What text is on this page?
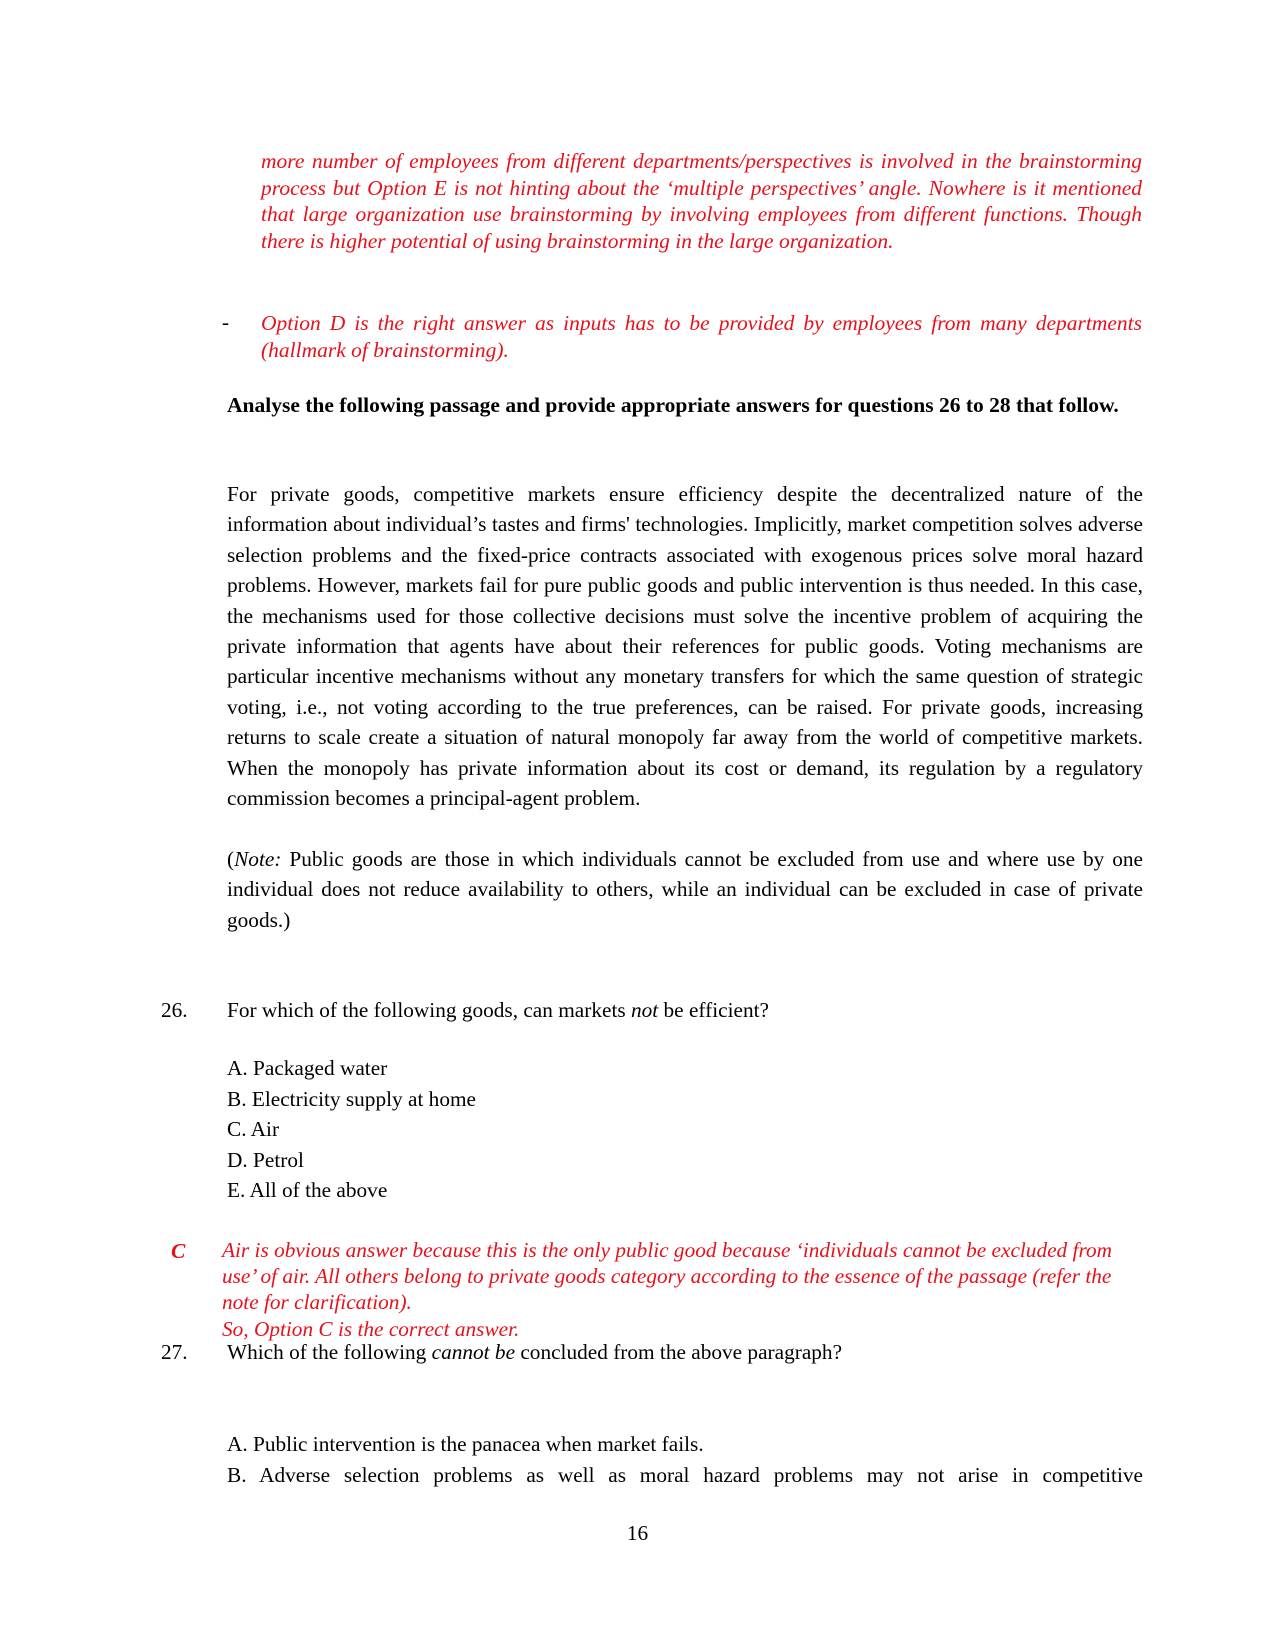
more number of employees from different departments/perspectives is involved in the brainstorming process but Option E is not hinting about the ‘multiple perspectives’ angle. Nowhere is it mentioned that large organization use brainstorming by involving employees from different functions. Though there is higher potential of using brainstorming in the large organization.
- Option D is the right answer as inputs has to be provided by employees from many departments (hallmark of brainstorming).
Analyse the following passage and provide appropriate answers for questions 26 to 28 that follow.
For private goods, competitive markets ensure efficiency despite the decentralized nature of the information about individual’s tastes and firms' technologies. Implicitly, market competition solves adverse selection problems and the fixed-price contracts associated with exogenous prices solve moral hazard problems. However, markets fail for pure public goods and public intervention is thus needed. In this case, the mechanisms used for those collective decisions must solve the incentive problem of acquiring the private information that agents have about their references for public goods. Voting mechanisms are particular incentive mechanisms without any monetary transfers for which the same question of strategic voting, i.e., not voting according to the true preferences, can be raised. For private goods, increasing returns to scale create a situation of natural monopoly far away from the world of competitive markets. When the monopoly has private information about its cost or demand, its regulation by a regulatory commission becomes a principal-agent problem.
(Note: Public goods are those in which individuals cannot be excluded from use and where use by one individual does not reduce availability to others, while an individual can be excluded in case of private goods.)
26. For which of the following goods, can markets not be efficient?
A. Packaged water
B. Electricity supply at home
C. Air
D. Petrol
E. All of the above
C Air is obvious answer because this is the only public good because ‘individuals cannot be excluded from use’ of air. All others belong to private goods category according to the essence of the passage (refer the note for clarification).
So, Option C is the correct answer.
27. Which of the following cannot be concluded from the above paragraph?
A. Public intervention is the panacea when market fails.
B. Adverse selection problems as well as moral hazard problems may not arise in competitive
16
